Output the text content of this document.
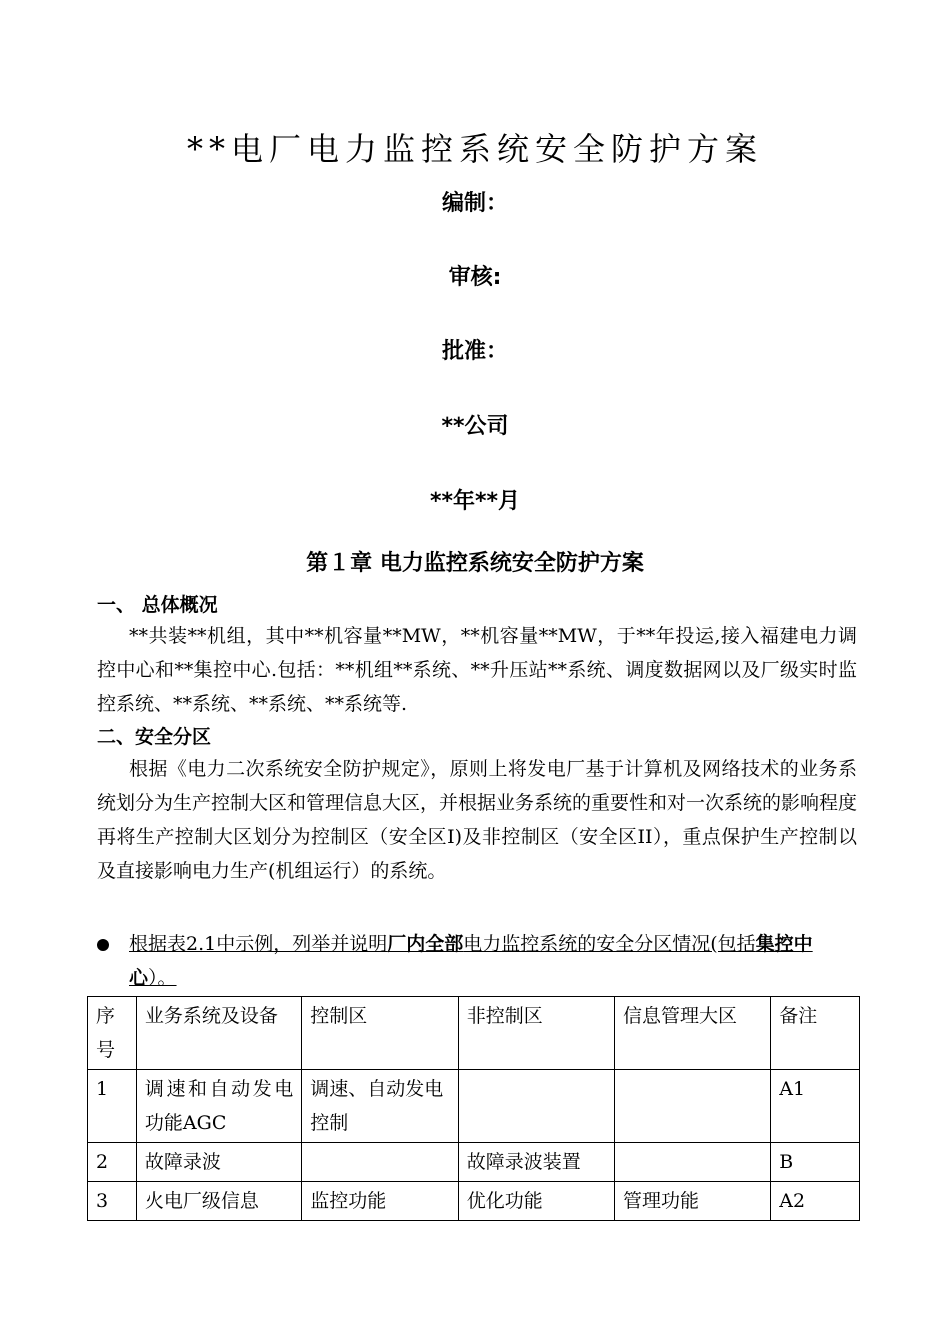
**电厂电力监控系统安全防护方案
编制：
审核:
批准：
**公司
**年**月
第１章 电力监控系统安全防护方案
一、 总体概况
**共装**机组，其中**机容量**MW，**机容量**MW，于**年投运,接入福建电力调控中心和**集控中心.包括：**机组**系统、**升压站**系统、调度数据网以及厂级实时监控系统、**系统、**系统、**系统等.
二、安全分区
根据《电力二次系统安全防护规定》，原则上将发电厂基于计算机及网络技术的业务系统划分为生产控制大区和管理信息大区，并根据业务系统的重要性和对一次系统的影响程度再将生产控制大区划分为控制区（安全区I)及非控制区（安全区II），重点保护生产控制以及直接影响电力生产(机组运行）的系统。
根据表2.1中示例，列举并说明厂内全部电力监控系统的安全分区情况(包括集控中心）。
序号	业务系统及设备	控制区	非控制区	信息管理大区	备注
1	调速和自动发电功能AGC	调速、自动发电控制			A1
2	故障录波		故障录波装置		B
3	火电厂级信息	监控功能	优化功能	管理功能	A2
